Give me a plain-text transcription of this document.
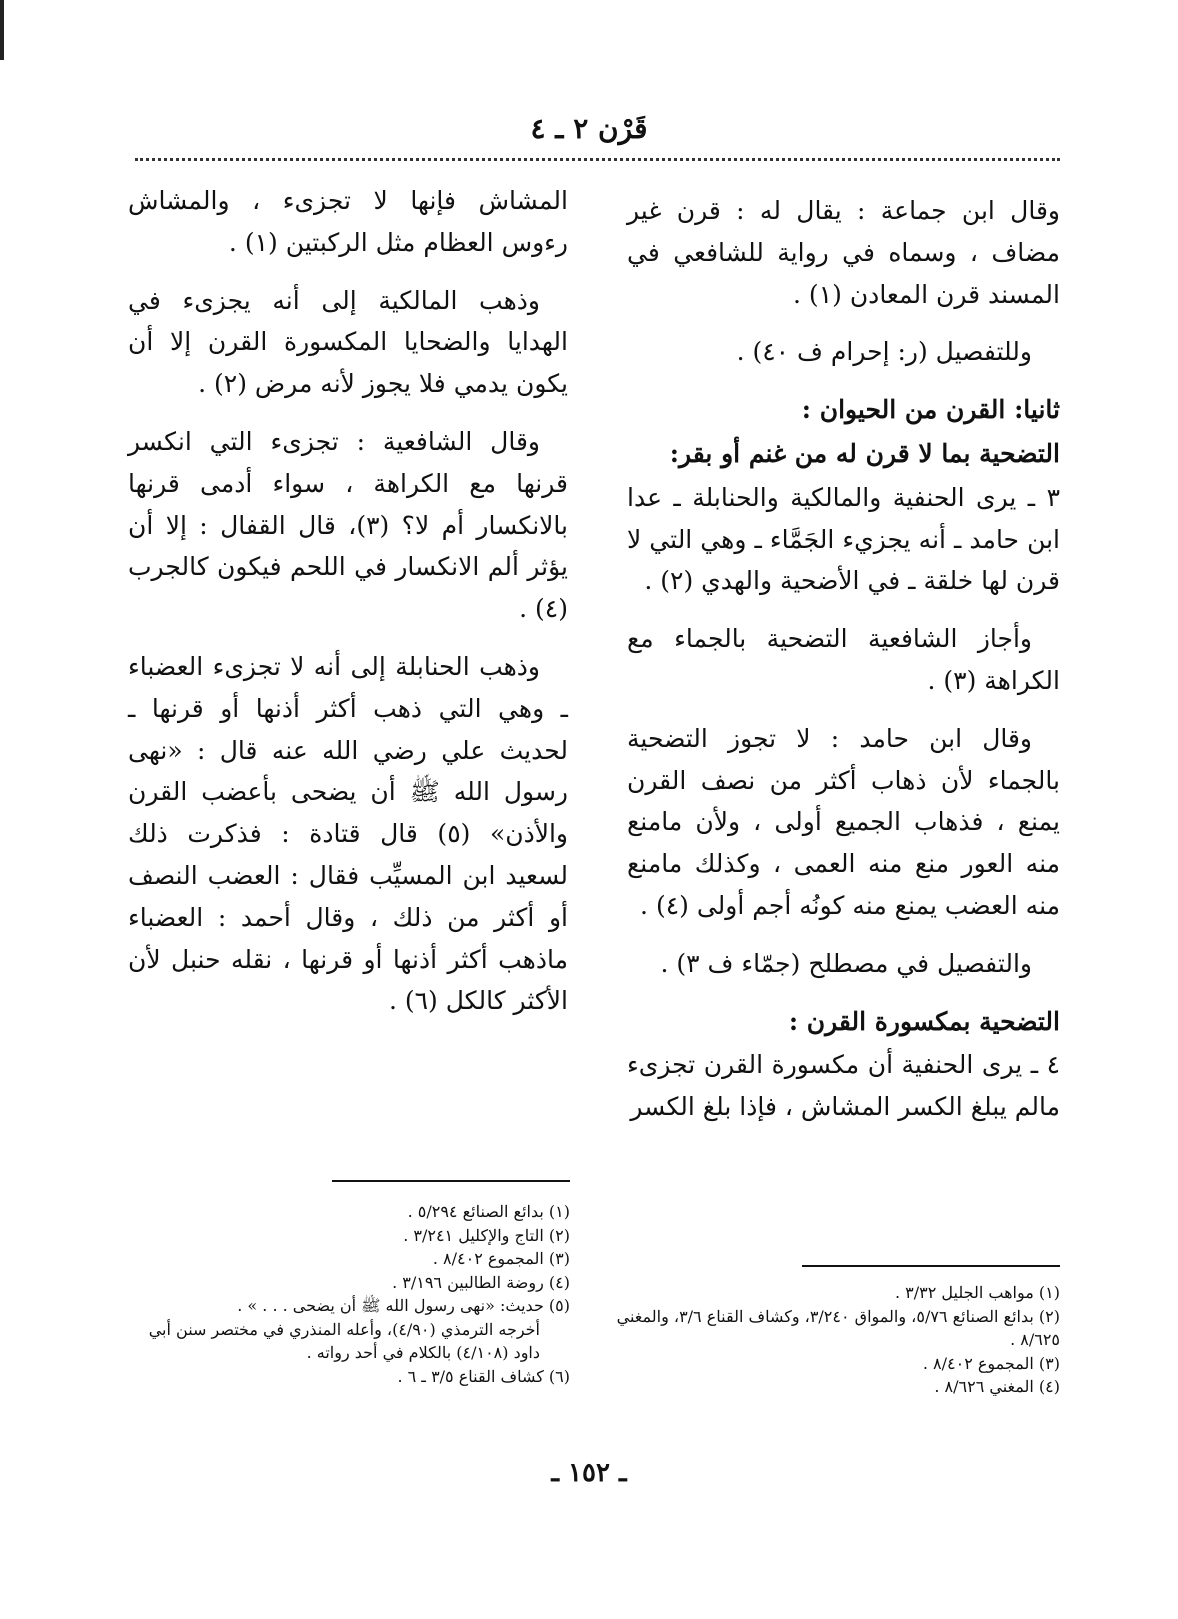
قَرْن ٢ ـ ٤

وقال ابن جماعة : يقال له : قرن غير مضاف ، وسماه في رواية للشافعي في المسند قرن المعادن (١) .

وللتفصيل (ر: إحرام ف ٤٠) .

ثانيا: القرن من الحيوان :
التضحية بما لا قرن له من غنم أو بقر:

٣ ـ يرى الحنفية والمالكية والحنابلة ـ عدا ابن حامد ـ أنه يجزيء الجَمَّاء ـ وهي التي لا قرن لها خلقة ـ في الأضحية والهدي (٢) .

وأجاز الشافعية التضحية بالجماء مع الكراهة (٣) .

وقال ابن حامد : لا تجوز التضحية بالجماء لأن ذهاب أكثر من نصف القرن يمنع ، فذهاب الجميع أولى ، ولأن مامنع منه العور منع منه العمى ، وكذلك مامنع منه العضب يمنع منه كونُه أجم أولى (٤) .

والتفصيل في مصطلح (جمّاء ف ٣) .

التضحية بمكسورة القرن :

٤ ـ يرى الحنفية أن مكسورة القرن تجزىء مالم يبلغ الكسر المشاش ، فإذا بلغ الكسر

المشاش فإنها لا تجزىء ، والمشاش رءوس العظام مثل الركبتين (١) .

وذهب المالكية إلى أنه يجزىء في الهدايا والضحايا المكسورة القرن إلا أن يكون يدمي فلا يجوز لأنه مرض (٢) .

وقال الشافعية : تجزىء التي انكسر قرنها مع الكراهة ، سواء أدمى قرنها بالانكسار أم لا؟ (٣)، قال القفال : إلا أن يؤثر ألم الانكسار في اللحم فيكون كالجرب (٤) .

وذهب الحنابلة إلى أنه لا تجزىء العضباء ـ وهي التي ذهب أكثر أذنها أو قرنها ـ لحديث علي رضي الله عنه قال : «نهى رسول الله ﷺ أن يضحى بأعضب القرن والأذن» (٥) قال قتادة : فذكرت ذلك لسعيد ابن المسيِّب فقال : العضب النصف أو أكثر من ذلك ، وقال أحمد : العضباء ماذهب أكثر أذنها أو قرنها ، نقله حنبل لأن الأكثر كالكل (٦) .

(١) بدائع الصنائع ٥/٢٩٤ .
(٢) التاج والإكليل ٣/٢٤١ .
(٣) المجموع ٨/٤٠٢ .
(٤) روضة الطالبين ٣/١٩٦ .
(٥) حديث: «نهى رسول الله ﷺ أن يضحى . . . » .
أخرجه الترمذي (٤/٩٠)، وأعله المنذري في مختصر سنن أبي داود (٤/١٠٨) بالكلام في أحد رواته .
(٦) كشاف القناع ٣/٥ ـ ٦ .
(١) مواهب الجليل ٣/٣٢ .
(٢) بدائع الصنائع ٥/٧٦، والمواق ٣/٢٤٠، وكشاف القناع ٣/٦، والمغني ٨/٦٢٥ .
(٣) المجموع ٨/٤٠٢ .
(٤) المغني ٨/٦٢٦ .
ـ ١٥٢ ـ
